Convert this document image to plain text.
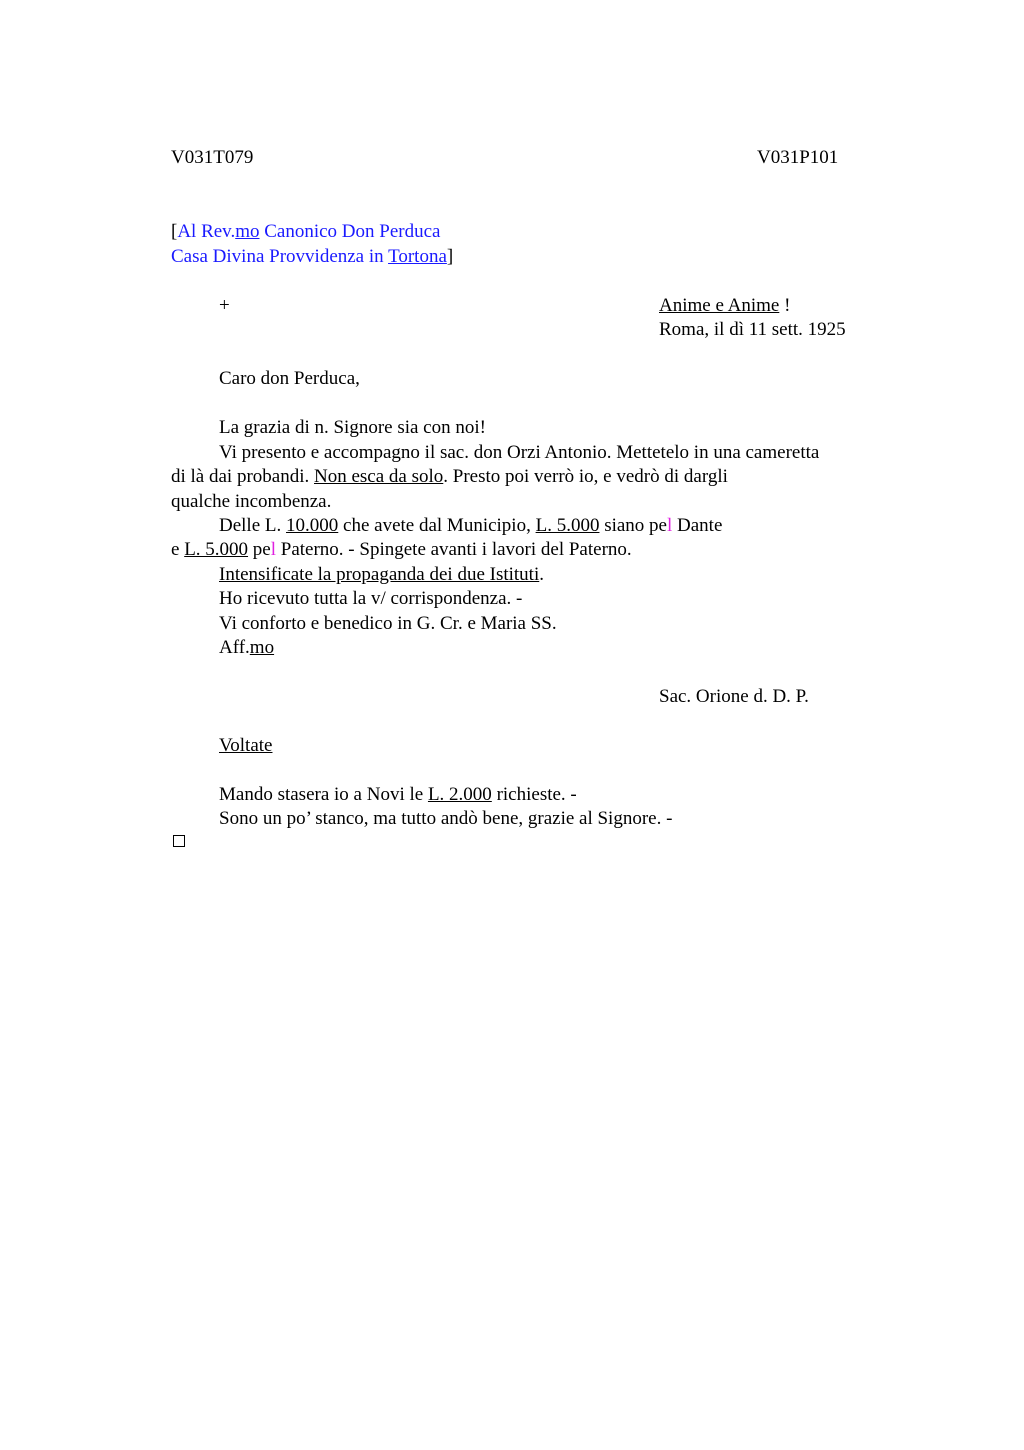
V031T079	V031P101
[Al Rev.mo Canonico Don Perduca
Casa Divina Provvidenza in Tortona]
+	Anime e Anime !
Roma, il dì 11 sett. 1925
Caro don Perduca,
La grazia di n. Signore sia con noi!
Vi presento e accompagno il sac. don Orzi Antonio. Mettetelo in una cameretta
di là dai probandi. Non esca da solo. Presto poi verrò io, e vedrò di dargli
qualche incombenza.
Delle L. 10.000 che avete dal Municipio, L. 5.000 siano pel Dante
e L. 5.000 pel Paterno. - Spingete avanti i lavori del Paterno.
Intensificate la propaganda dei due Istituti.
Ho ricevuto tutta la v/ corrispondenza. -
Vi conforto e benedico in G. Cr. e Maria SS.
Aff.mo
Sac. Orione d. D. P.
Voltate
Mando stasera io a Novi le L. 2.000 richieste. -
Sono un po’ stanco, ma tutto andò bene, grazie al Signore. -
